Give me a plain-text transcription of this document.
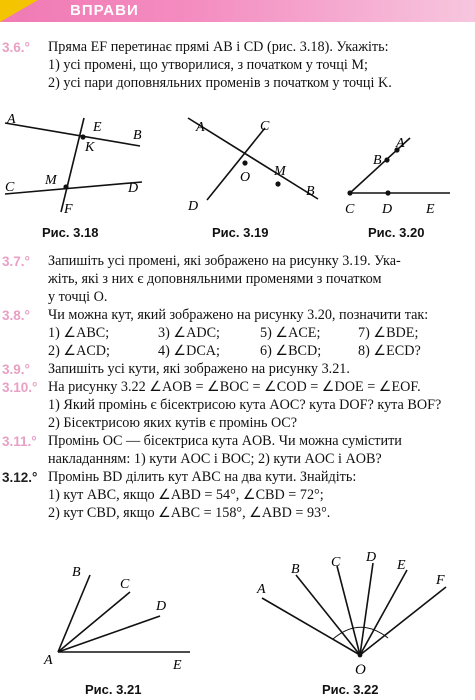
ВПРАВИ
3.6.° Пряма EF перетинає прямі AB і CD (рис. 3.18). Укажіть:
1) усі промені, що утворилися, з початком у точці M;
2) усі пари доповняльних променів з початком у точці K.
A
B
E
K
C M
D
F
A	C
O M
B
D
A
B
C D E
B
C
D
A	E
A
B C D
E
F
O
Рис. 3.18	Рис. 3.19	Рис. 3.20
3.7.° Запишіть усі промені, які зображено на рисунку 3.19. Ука-
жіть, які з них є доповняльними променями з початком
у точці O.
3.8.° Чи можна кут, який зображено на рисунку 3.20, позначити так:
1) ∠ABC;	3) ∠ADC;	5) ∠ACE;	7) ∠BDE;
2) ∠ACD;	4) ∠DCA;	6) ∠BCD;	8) ∠ECD?
3.9.° Запишіть усі кути, які зображено на рисунку 3.21.
3.10.° На рисунку 3.22 ∠AOB = ∠BOC = ∠COD = ∠DOE = ∠EOF.
1) Який промінь є бісектрисою кута AOC? кута DOF? кута BOF?
2) Бісектрисою яких кутів є промінь OC?
3.11.° Промінь OC — бісектриса кута AOB. Чи можна сумістити
накладанням: 1) кути AOC і BOC; 2) кути AOC і AOB?
3.12.° Промінь BD ділить кут ABC на два кути. Знайдіть:
1) кут ABC, якщо ∠ABD = 54°, ∠CBD = 72°;
2) кут CBD, якщо ∠ABC = 158°, ∠ABD = 93°.
Рис. 3.21	Рис. 3.22
